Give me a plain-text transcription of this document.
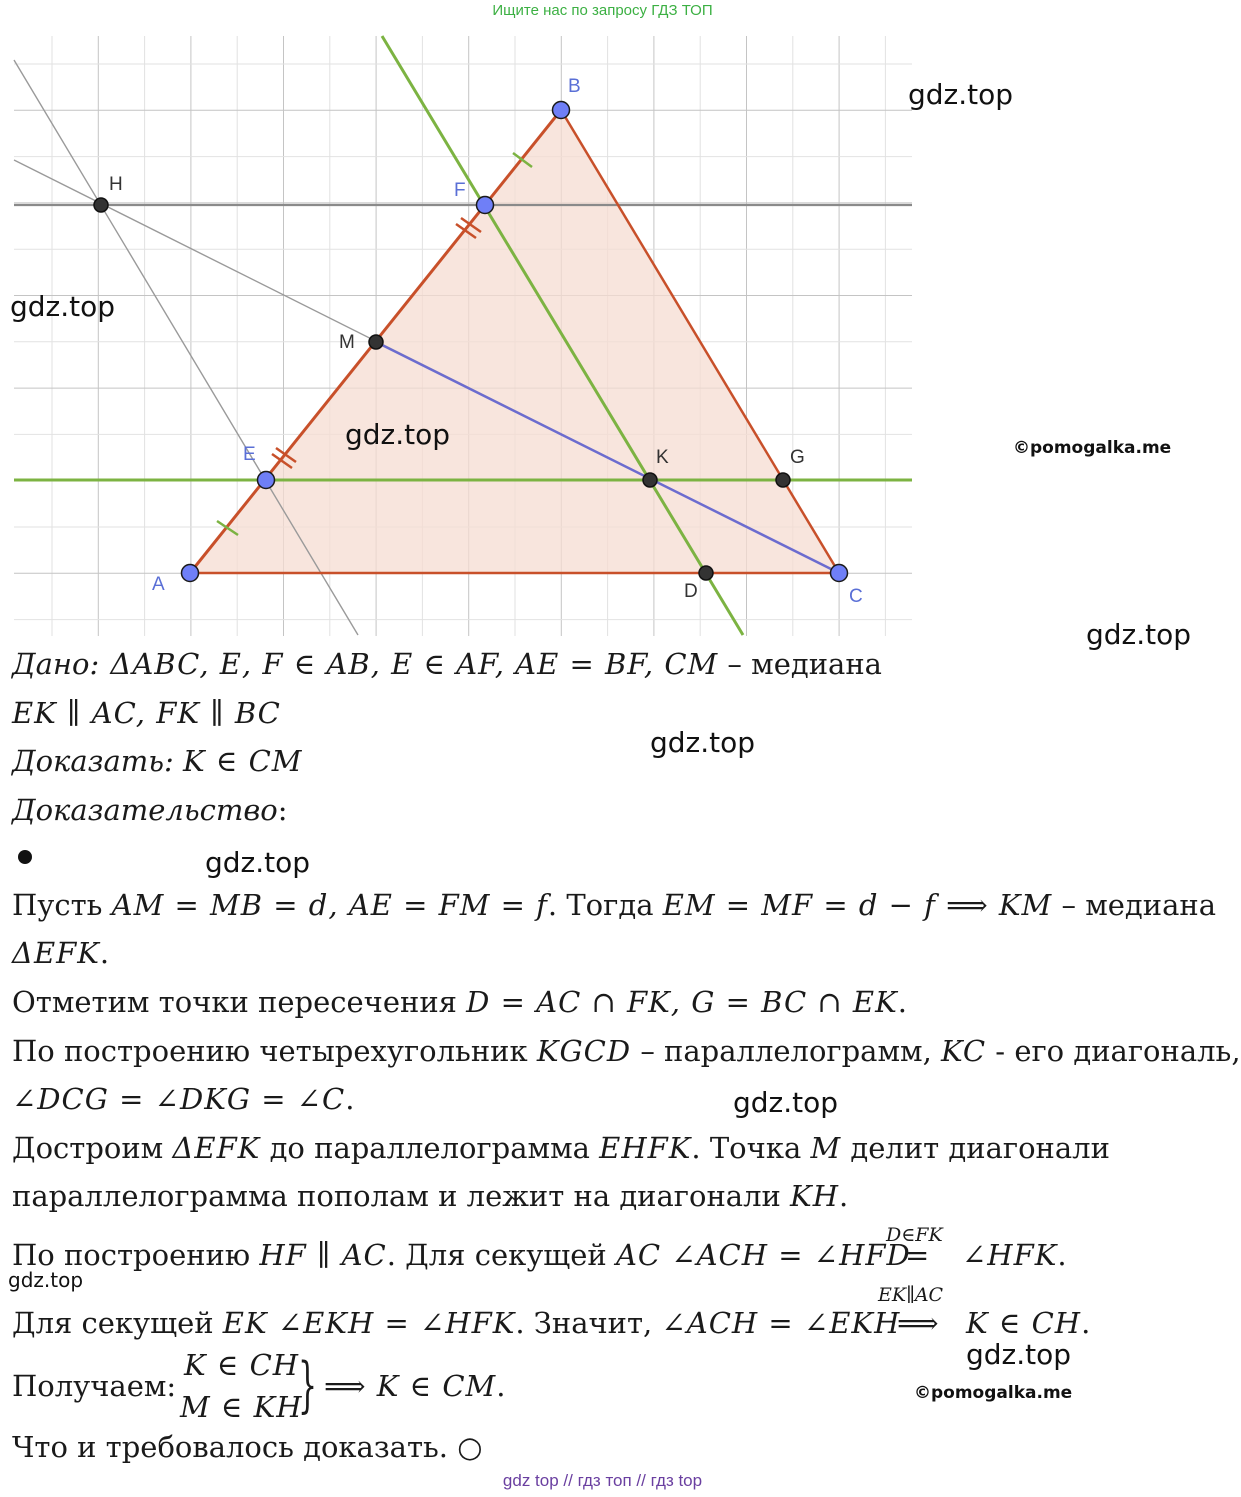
Ищите нас по запросу ГДЗ ТОП
A
B
C
D
E
F
G
H
K
M
gdz.top
gdz.top
gdz.top	©pomogalka.me
gdz.top
gdz.top
gdz.top
gdz.top
gdz.top
gdz.top
©pomogalka.me
Дано: ΔABC, E, F ∈ AB, E ∈ AF, AE = BF, CM – медиана
EK ∥ AC, FK ∥ BC
Доказать: K ∈ CM
Доказательство:
Пусть AM = MB = d, AE = FM = f. Тогда EM = MF = d − f ⟹ KM – медиана
ΔEFK.
Отметим точки пересечения D = AC ∩ FK, G = BC ∩ EK.
По построению четырехугольник KGCD – параллелограмм, KC - его диагональ,
∠DCG = ∠DKG = ∠C.
Достроим ΔEFK до параллелограмма EHFK. Точка M делит диагонали
параллелограмма пополам и лежит на диагонали KH.
По построению HF ∥ AC. Для секущей AC ∠ACH = ∠HFD
D∈FK
= ∠HFK.
Для секущей EK ∠EKH = ∠HFK. Значит, ∠ACH = ∠EKH
EK∥AC
⟹ K ∈ CH.
Получаем:
K ∈ CH
M ∈ KH
} ⟹ K ∈ CM.
Что и требовалось доказать. ○
gdz top // гдз топ // гдз top
